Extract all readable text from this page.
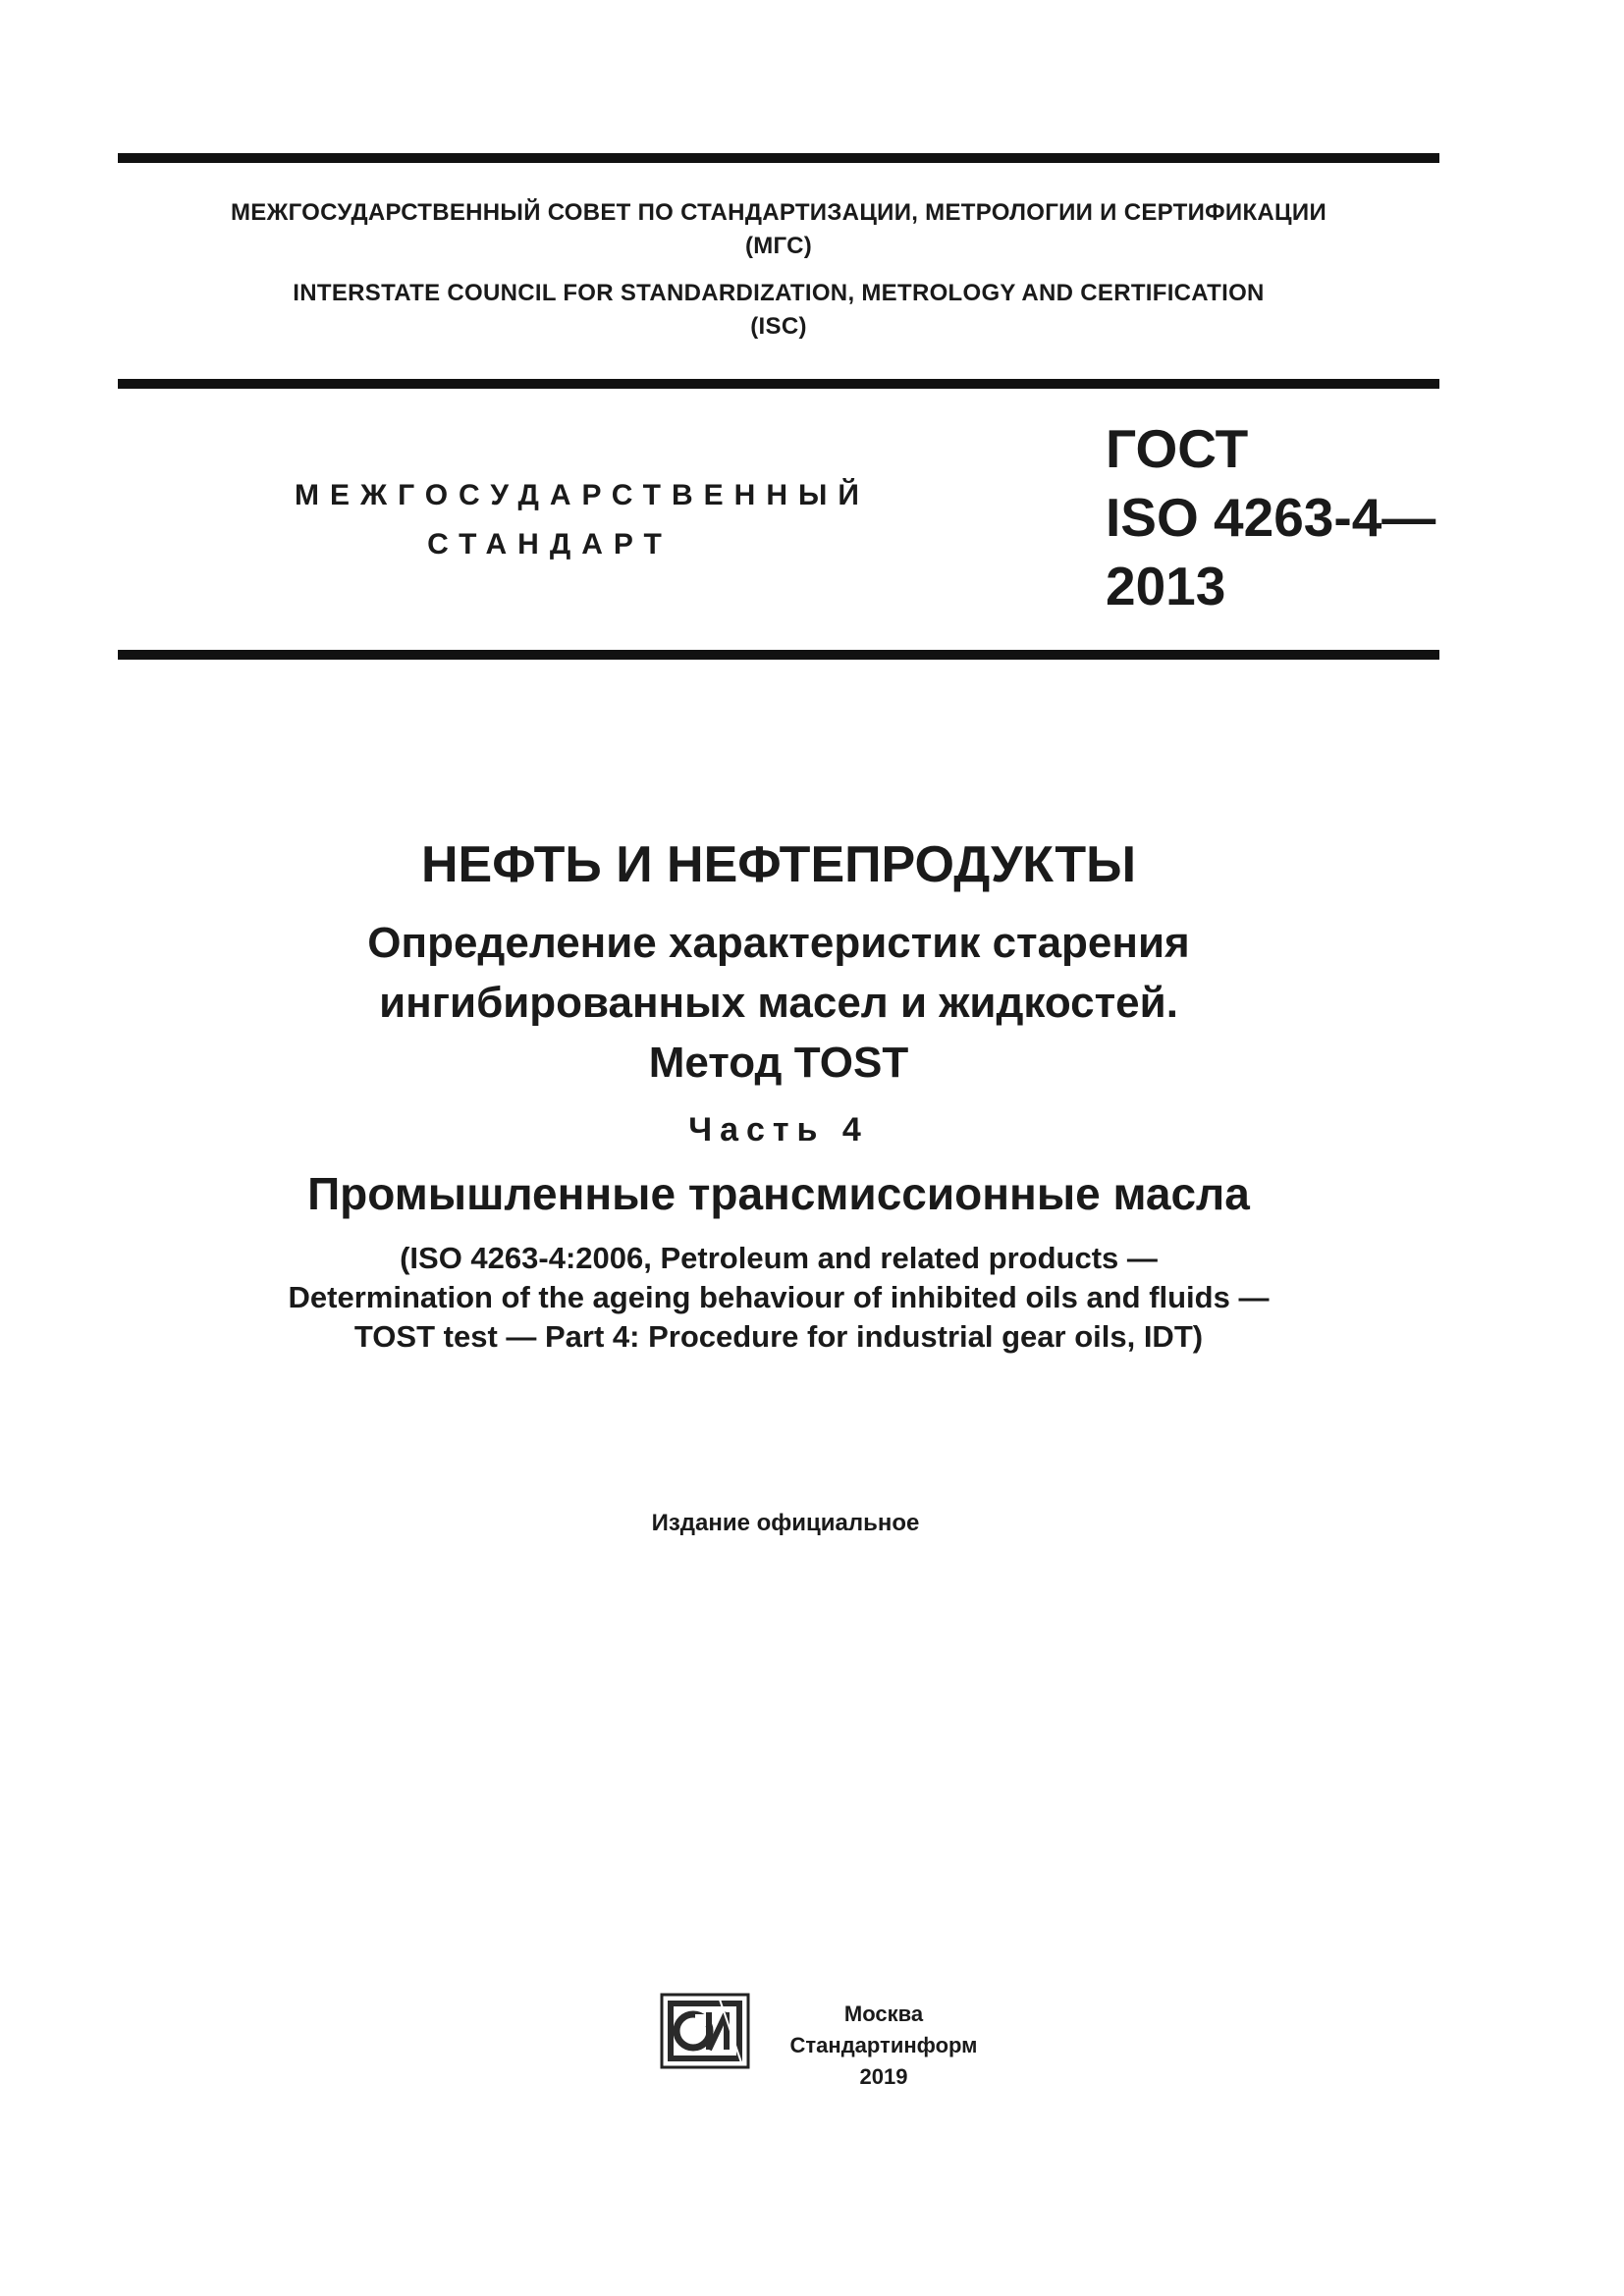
МЕЖГОСУДАРСТВЕННЫЙ СОВЕТ ПО СТАНДАРТИЗАЦИИ, МЕТРОЛОГИИ И СЕРТИФИКАЦИИ
(МГС)
INTERSTATE COUNCIL FOR STANDARDIZATION, METROLOGY AND CERTIFICATION
(ISC)
МЕЖГОСУДАРСТВЕННЫЙ
СТАНДАРТ
ГОСТ
ISO 4263-4—
2013
НЕФТЬ И НЕФТЕПРОДУКТЫ
Определение характеристик старения
ингибированных масел и жидкостей.
Метод TOST
Часть 4
Промышленные трансмиссионные масла
(ISO 4263-4:2006, Petroleum and related products —
Determination of the ageing behaviour of inhibited oils and fluids —
TOST test — Part 4: Procedure for industrial gear oils, IDT)
Издание официальное
Москва
Стандартинформ
2019
